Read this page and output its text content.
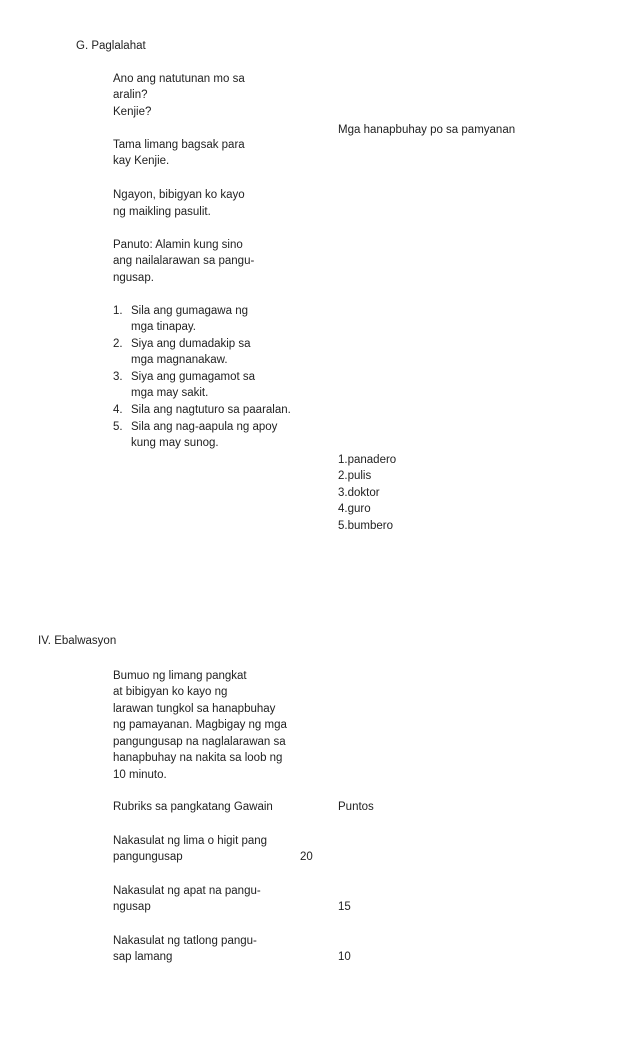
G. Paglalahat
Ano ang natutunan mo sa
aralin?
Kenjie?
Mga hanapbuhay po sa pamyanan
Tama limang bagsak para
kay Kenjie.
Ngayon, bibigyan ko kayo
ng maikling pasulit.
Panuto: Alamin kung sino
ang nailalarawan sa pangu-
ngusap.
1. Sila ang gumagawa ng
mga tinapay.
2. Siya ang dumadakip sa
mga magnanakaw.
3. Siya ang gumagamot sa
mga may sakit.
4. Sila ang nagtuturo sa paaralan.
5. Sila ang nag-aapula ng apoy
kung may sunog.
1.panadero
2.pulis
3.doktor
4.guro
5.bumbero
IV. Ebalwasyon
Bumuo ng limang pangkat
at bibigyan ko kayo ng
larawan tungkol sa hanapbuhay
ng pamayanan. Magbigay ng mga
pangungusap na naglalarawan sa
hanapbuhay na nakita sa loob ng
10 minuto.
Rubriks sa pangkatang Gawain	Puntos
Nakasulat ng lima o higit pang
pangungusap	20
Nakasulat ng apat na pangu-
ngusap	15
Nakasulat ng tatlong pangu-
sap lamang	10
